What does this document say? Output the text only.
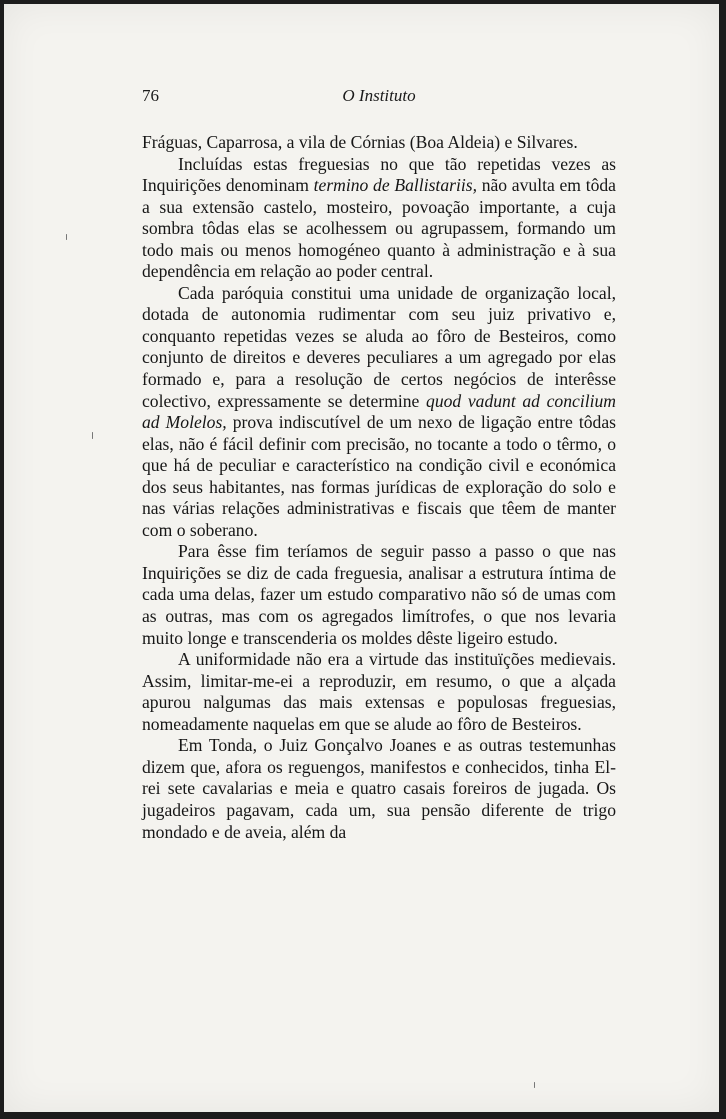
76	O Instituto

Fráguas, Caparrosa, a vila de Córnias (Boa Aldeia) e Silvares.

Incluídas estas freguesias no que tão repetidas vezes as Inquirições denominam termino de Ballistariis, não avulta em tôda a sua extensão castelo, mosteiro, povoação importante, a cuja sombra tôdas elas se acolhessem ou agrupassem, formando um todo mais ou menos homogéneo quanto à administração e à sua dependência em relação ao poder central.

Cada paróquia constitui uma unidade de organização local, dotada de autonomia rudimentar com seu juiz privativo e, conquanto repetidas vezes se aluda ao fôro de Besteiros, como conjunto de direitos e deveres peculiares a um agregado por elas formado e, para a resolução de certos negócios de interêsse colectivo, expressamente se determine quod vadunt ad concilium ad Molelos, prova indiscutível de um nexo de ligação entre tôdas elas, não é fácil definir com precisão, no tocante a todo o têrmo, o que há de peculiar e característico na condição civil e económica dos seus habitantes, nas formas jurídicas de exploração do solo e nas várias relações administrativas e fiscais que têem de manter com o soberano.

Para êsse fim teríamos de seguir passo a passo o que nas Inquirições se diz de cada freguesia, analisar a estrutura íntima de cada uma delas, fazer um estudo comparativo não só de umas com as outras, mas com os agregados limítrofes, o que nos levaria muito longe e transcenderia os moldes dêste ligeiro estudo.

A uniformidade não era a virtude das instituïções medievais. Assim, limitar-me-ei a reproduzir, em resumo, o que a alçada apurou nalgumas das mais extensas e populosas freguesias, nomeadamente naquelas em que se alude ao fôro de Besteiros.

Em Tonda, o Juiz Gonçalvo Joanes e as outras testemunhas dizem que, afora os reguengos, manifestos e conhecidos, tinha El-rei sete cavalarias e meia e quatro casais foreiros de jugada. Os jugadeiros pagavam, cada um, sua pensão diferente de trigo mondado e de aveia, além da
